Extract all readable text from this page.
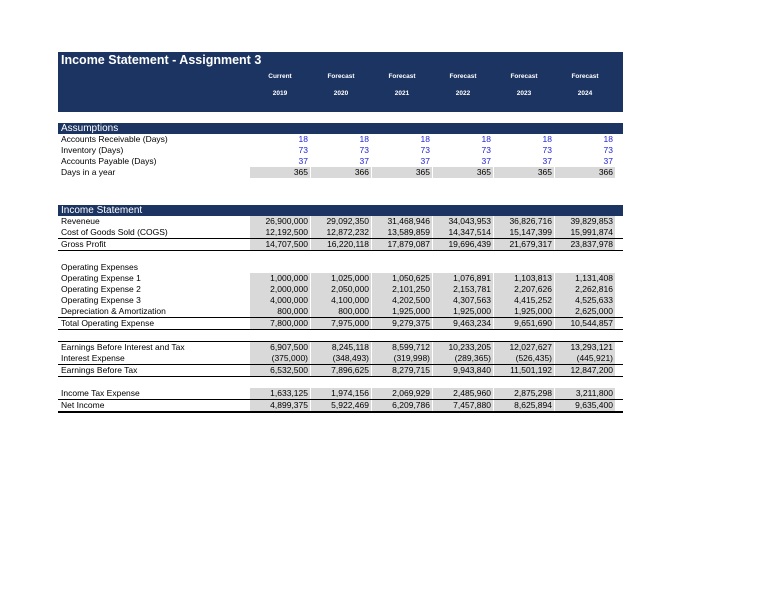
Income Statement - Assignment 3
Current	Forecast	Forecast	Forecast	Forecast	Forecast
2019	2020	2021	2022	2023	2024
Assumptions
Accounts Receivable (Days)	18	18	18	18	18	18
Inventory (Days)	73	73	73	73	73	73
Accounts Payable (Days)	37	37	37	37	37	37
Days in a year	365	366	365	365	365	366
Income Statement
Reveneue	26,900,000	29,092,350	31,468,946	34,043,953	36,826,716	39,829,853
Cost of Goods Sold (COGS)	12,192,500	12,872,232	13,589,859	14,347,514	15,147,399	15,991,874
Gross Profit	14,707,500	16,220,118	17,879,087	19,696,439	21,679,317	23,837,978
Operating Expenses
Operating Expense 1	1,000,000	1,025,000	1,050,625	1,076,891	1,103,813	1,131,408
Operating Expense 2	2,000,000	2,050,000	2,101,250	2,153,781	2,207,626	2,262,816
Operating Expense 3	4,000,000	4,100,000	4,202,500	4,307,563	4,415,252	4,525,633
Depreciation & Amortization	800,000	800,000	1,925,000	1,925,000	1,925,000	2,625,000
Total Operating Expense	7,800,000	7,975,000	9,279,375	9,463,234	9,651,690	10,544,857
Earnings Before Interest and Tax	6,907,500	8,245,118	8,599,712	10,233,205	12,027,627	13,293,121
Interest Expense	(375,000)	(348,493)	(319,998)	(289,365)	(526,435)	(445,921)
Earnings Before Tax	6,532,500	7,896,625	8,279,715	9,943,840	11,501,192	12,847,200
Income Tax Expense	1,633,125	1,974,156	2,069,929	2,485,960	2,875,298	3,211,800
Net Income	4,899,375	5,922,469	6,209,786	7,457,880	8,625,894	9,635,400
